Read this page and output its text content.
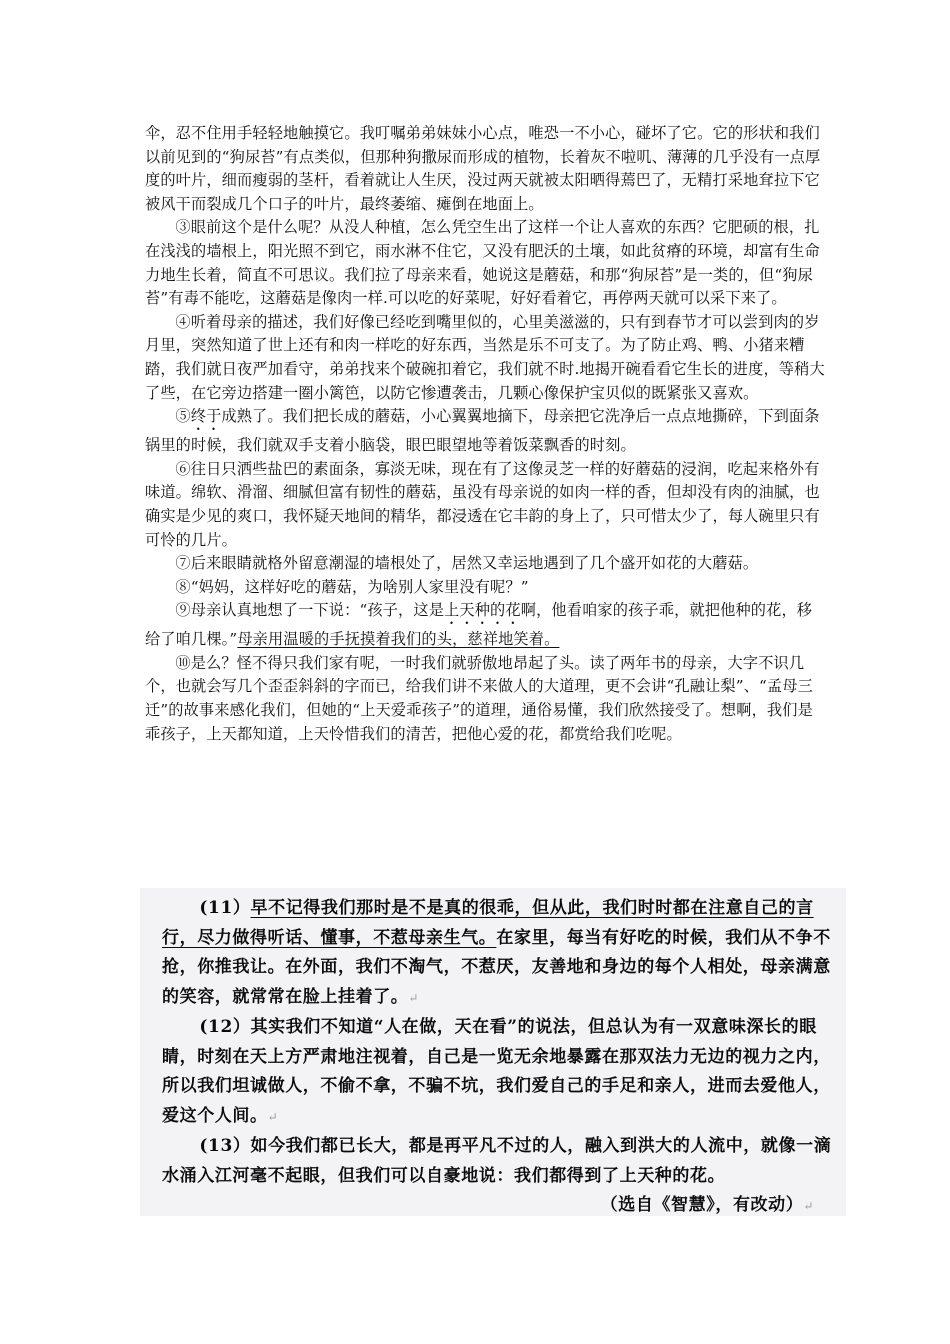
伞，忍不住用手轻轻地触摸它。我叮嘱弟弟妹妹小心点，唯恐一不小心，碰坏了它。它的形状和我们以前见到的“狗尿苔”有点类似，但那种狗撒尿而形成的植物，长着灰不啦叽、薄薄的几乎没有一点厚度的叶片，细而瘦弱的茎杆，看着就让人生厌，没过两天就被太阳晒得蔫巴了，无精打采地耷拉下它被风干而裂成几个口子的叶片，最终萎缩、瘫倒在地面上。

③眼前这个是什么呢？从没人种植，怎么凭空生出了这样一个让人喜欢的东西？它肥硕的根，扎在浅浅的墙根上，阳光照不到它，雨水淋不住它，又没有肥沃的土壤，如此贫瘠的环境，却富有生命力地生长着，简直不可思议。我们拉了母亲来看，她说这是蘑菇，和那“狗尿苔”是一类的，但“狗尿苔”有毒不能吃，这蘑菇是像肉一样.可以吃的好菜呢，好好看着它，再停两天就可以采下来了。

④听着母亲的描述，我们好像已经吃到嘴里似的，心里美滋滋的，只有到春节才可以尝到肉的岁月里，突然知道了世上还有和肉一样吃的好东西，当然是乐不可支了。为了防止鸡、鸭、小猪来糟踏，我们就日夜严加看守，弟弟找来个破碗扣着它，我们就不时.地揭开碗看看它生长的进度，等稍大了些，在它旁边搭建一圈小篱笆，以防它惨遭袭击，几颗心像保护宝贝似的既紧张又喜欢。

⑤终于成熟了。我们把长成的蘑菇，小心翼翼地摘下，母亲把它洗净后一点点地撕碎，下到面条锅里的时候，我们就双手支着小脑袋，眼巴眼望地等着饭菜飘香的时刻。

⑥往日只洒些盐巴的素面条，寡淡无味，现在有了这像灵芝一样的好蘑菇的浸润，吃起来格外有味道。绵软、滑溜、细腻但富有韧性的蘑菇，虽没有母亲说的如肉一样的香，但却没有肉的油腻，也确实是少见的爽口，我怀疑天地间的精华，都浸透在它丰韵的身上了，只可惜太少了，每人碗里只有可怜的几片。

⑦后来眼睛就格外留意潮湿的墙根处了，居然又幸运地遇到了几个盛开如花的大蘑菇。

⑧“妈妈，这样好吃的蘑菇，为啥别人家里没有呢？”

⑨母亲认真地想了一下说：“孩子，这是上天种的花啊，他看咱家的孩子乖，就把他种的花，移给了咱几棵。”母亲用温暖的手抚摸着我们的头，慈祥地笑着。

⑩是么？怪不得只我们家有呢，一时我们就骄傲地昂起了头。读了两年书的母亲，大字不识几个，也就会写几个歪歪斜斜的字而已，给我们讲不来做人的大道理，更不会讲“孔融让梨”、“孟母三迁”的故事来感化我们，但她的“上天爱乖孩子”的道理，通俗易懂，我们欣然接受了。想啊，我们是乖孩子，上天都知道，上天怜惜我们的清苦，把他心爱的花，都赏给我们吃呢。

(11）早不记得我们那时是不是真的很乖，但从此，我们时时都在注意自己的言行，尽力做得听话、懂事，不惹母亲生气。在家里，每当有好吃的时候，我们从不争不抢，你推我让。在外面，我们不淘气，不惹厌，友善地和身边的每个人相处，母亲满意的笑容，就常常在脸上挂着了。↵

(12）其实我们不知道“人在做，天在看”的说法，但总认为有一双意味深长的眼睛，时刻在天上方严肃地注视着，自己是一览无余地暴露在那双法力无边的视力之内，所以我们坦诚做人，不偷不拿，不骗不坑，我们爱自己的手足和亲人，进而去爱他人，爱这个人间。↵

(13）如今我们都已长大，都是再平凡不过的人，融入到洪大的人流中，就像一滴水涌入江河毫不起眼，但我们可以自豪地说：我们都得到了上天种的花。

（选自《智慧》，有改动）↵
